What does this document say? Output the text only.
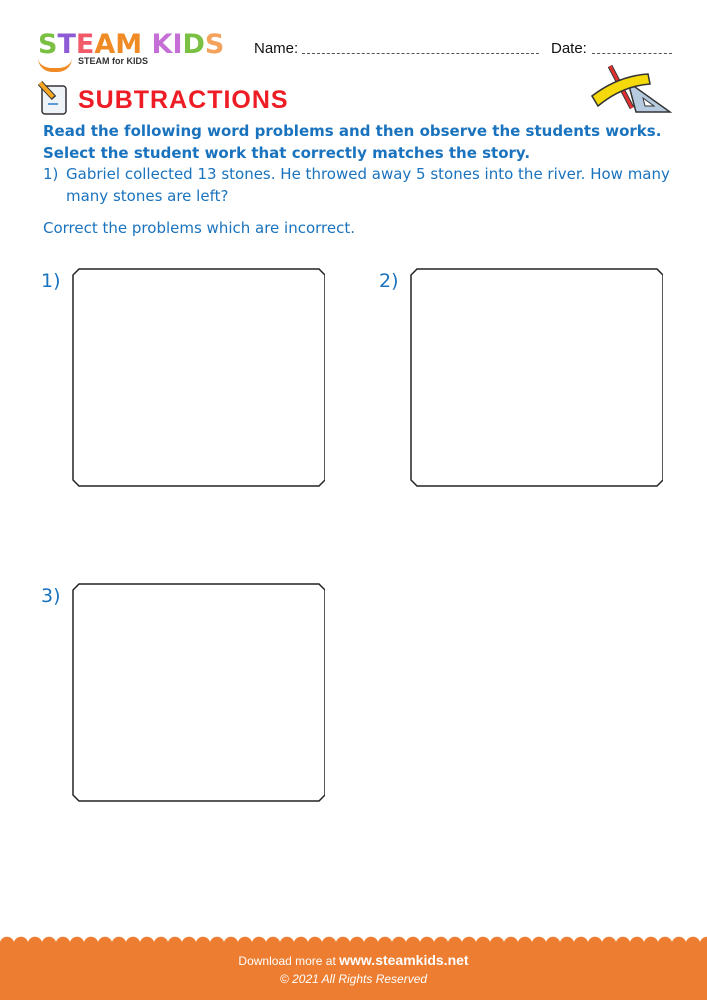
STEAM KIDS
STEAM for KIDS
Name:	Date:
SUBTRACTIONS
Read the following word problems and then observe the students works. Select the student work that correctly matches the story.
1) Gabriel collected 13 stones. He throwed away 5 stones into the river. How many
many stones are left?
Correct the problems which are incorrect.
1)	2)
3)
Download more at www.steamkids.net
© 2021 All Rights Reserved
